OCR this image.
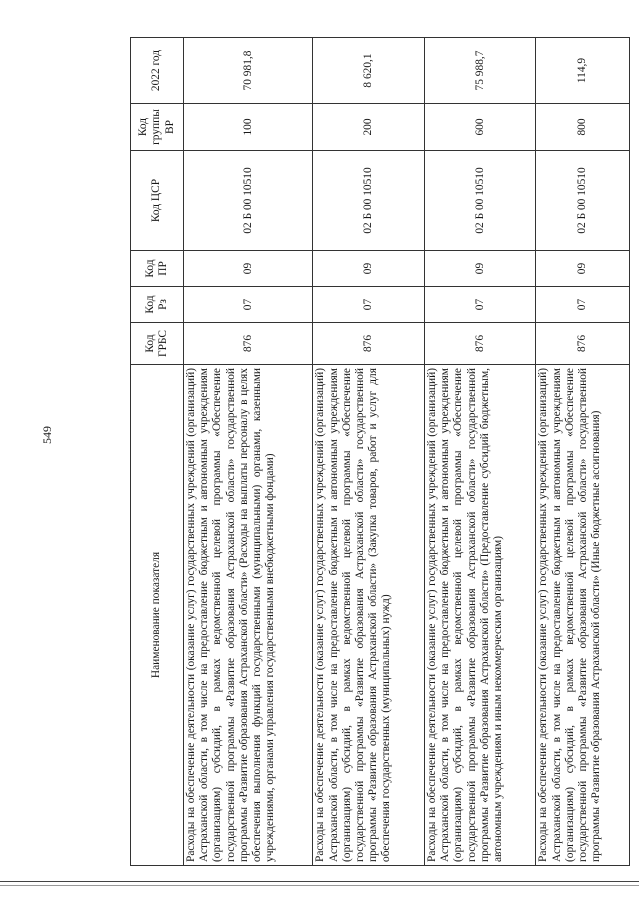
549
Наименование показателя	Код ГРБС	Код Рз	Код ПР	Код ЦСР	Код группы ВР	2022 год
Расходы на обеспечение деятельности (оказание услуг) государственных учреждений (организаций) Астраханской области, в том числе на предоставление бюджетным и автономным учреждениям (организациям) субсидий, в рамках ведомственной целевой программы «Обеспечение государственной программы «Развитие образования Астраханской области» государственной программы «Развитие образования Астраханской области» (Расходы на выплаты персоналу в целях обеспечения выполнения функций государственными (муниципальными) органами, казенными учреждениями, органами управления государственными внебюджетными фондами)	876	07	09	02 Б 00 10510	100	70 981,8
Расходы на обеспечение деятельности (оказание услуг) государственных учреждений (организаций) Астраханской области, в том числе на предоставление бюджетным и автономным учреждениям (организациям) субсидий, в рамках ведомственной целевой программы «Обеспечение государственной программы «Развитие образования Астраханской области» государственной программы «Развитие образования Астраханской области» (Закупка товаров, работ и услуг для обеспечения государственных (муниципальных) нужд)	876	07	09	02 Б 00 10510	200	8 620,1
Расходы на обеспечение деятельности (оказание услуг) государственных учреждений (организаций) Астраханской области, в том числе на предоставление бюджетным и автономным учреждениям (организациям) субсидий, в рамках ведомственной целевой программы «Обеспечение государственной программы «Развитие образования Астраханской области» государственной программы «Развитие образования Астраханской области» (Предоставление субсидий бюджетным, автономным учреждениям и иным некоммерческим организациям)	876	07	09	02 Б 00 10510	600	75 988,7
Расходы на обеспечение деятельности (оказание услуг) государственных учреждений (организаций) Астраханской области, в том числе на предоставление бюджетным и автономным учреждениям (организациям) субсидий, в рамках ведомственной целевой программы «Обеспечение государственной программы «Развитие образования Астраханской области» государственной программы «Развитие образования Астраханской области» (Иные бюджетные ассигнования)	876	07	09	02 Б 00 10510	800	114,9
